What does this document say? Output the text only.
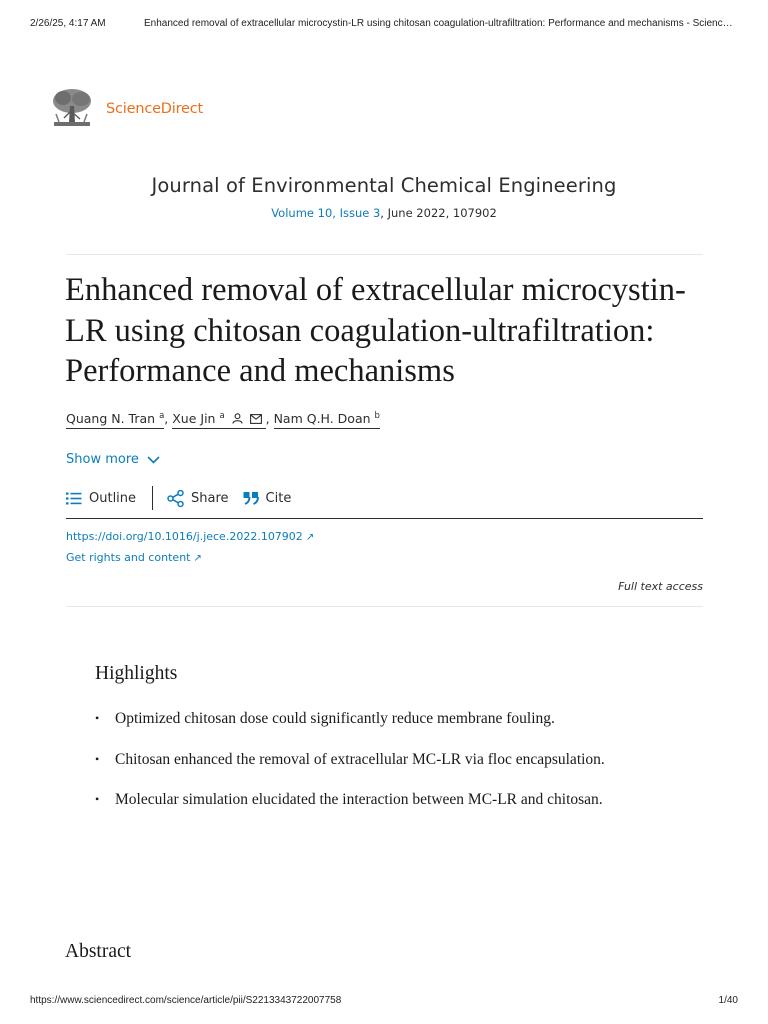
2/26/25, 4:17 AM	Enhanced removal of extracellular microcystin-LR using chitosan coagulation-ultrafiltration: Performance and mechanisms - Scienc…
ScienceDirect
Journal of Environmental Chemical Engineering
Volume 10, Issue 3, June 2022, 107902
Enhanced removal of extracellular microcystin-LR using chitosan coagulation-ultrafiltration: Performance and mechanisms
Quang N. Tran $^a$, Xue Jin $^a$	, Nam Q.H. Doan $^b$
Show more
Outline	Share	Cite
https://doi.org/10.1016/j.jece.2022.107902 ↗
Get rights and content ↗
Full text access
Highlights
• Optimized chitosan dose could significantly reduce membrane fouling.
• Chitosan enhanced the removal of extracellular MC-LR via floc encapsulation.
• Molecular simulation elucidated the interaction between MC-LR and chitosan.
Abstract
https://www.sciencedirect.com/science/article/pii/S2213343722007758	1/40
